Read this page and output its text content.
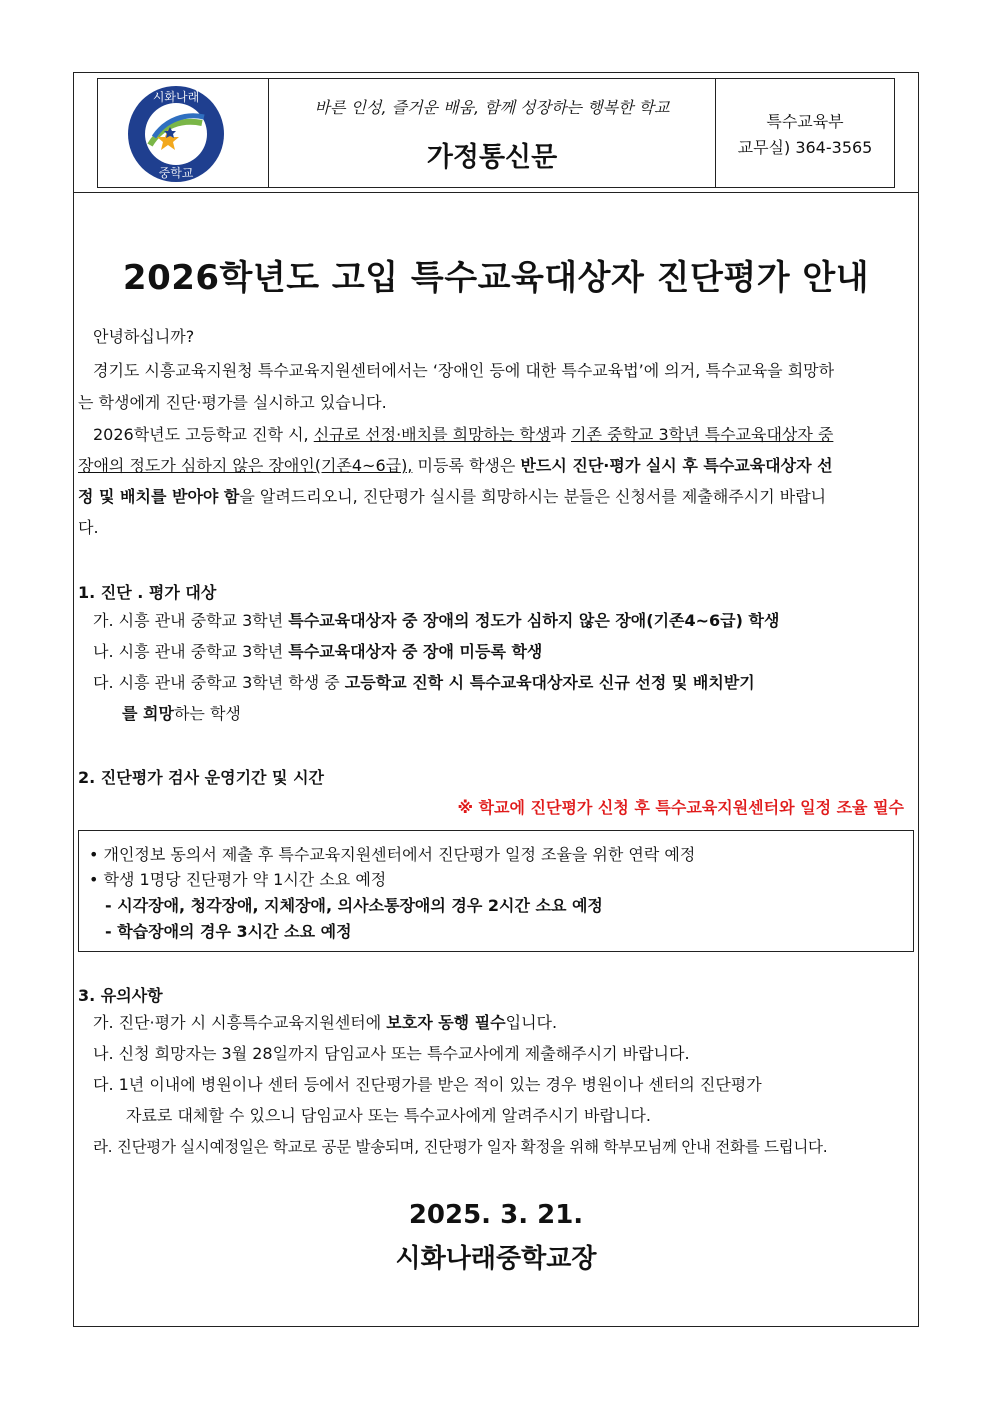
시화나래
중학교
바른 인성, 즐거운 배움, 함께 성장하는 행복한 학교
가정통신문
특수교육부
교무실) 364-3565
2026학년도 고입 특수교육대상자 진단평가 안내
안녕하십니까?
경기도 시흥교육지원청 특수교육지원센터에서는 ‘장애인 등에 대한 특수교육법’에 의거, 특수교육을 희망하
는 학생에게 진단·평가를 실시하고 있습니다.
2026학년도 고등학교 진학 시, 신규로 선정·배치를 희망하는 학생과 기존 중학교 3학년 특수교육대상자 중
장애의 정도가 심하지 않은 장애인(기존4~6급), 미등록 학생은 반드시 진단·평가 실시 후 특수교육대상자 선
정 및 배치를 받아야 함을 알려드리오니, 진단평가 실시를 희망하시는 분들은 신청서를 제출해주시기 바랍니
다.
1. 진단 . 평가 대상
가. 시흥 관내 중학교 3학년 특수교육대상자 중 장애의 정도가 심하지 않은 장애(기존4~6급) 학생
나. 시흥 관내 중학교 3학년 특수교육대상자 중 장애 미등록 학생
다. 시흥 관내 중학교 3학년 학생 중 고등학교 진학 시 특수교육대상자로 신규 선정 및 배치받기
를 희망하는 학생
2. 진단평가 검사 운영기간 및 시간
※ 학교에 진단평가 신청 후 특수교육지원센터와 일정 조율 필수
• 개인정보 동의서 제출 후 특수교육지원센터에서 진단평가 일정 조율을 위한 연락 예정
• 학생 1명당 진단평가 약 1시간 소요 예정
- 시각장애, 청각장애, 지체장애, 의사소통장애의 경우 2시간 소요 예정
- 학습장애의 경우 3시간 소요 예정
3. 유의사항
가. 진단·평가 시 시흥특수교육지원센터에 보호자 동행 필수입니다.
나. 신청 희망자는 3월 28일까지 담임교사 또는 특수교사에게 제출해주시기 바랍니다.
다. 1년 이내에 병원이나 센터 등에서 진단평가를 받은 적이 있는 경우 병원이나 센터의 진단평가
자료로 대체할 수 있으니 담임교사 또는 특수교사에게 알려주시기 바랍니다.
라. 진단평가 실시예정일은 학교로 공문 발송되며, 진단평가 일자 확정을 위해 학부모님께 안내 전화를 드립니다.
2025. 3. 21.
시화나래중학교장
